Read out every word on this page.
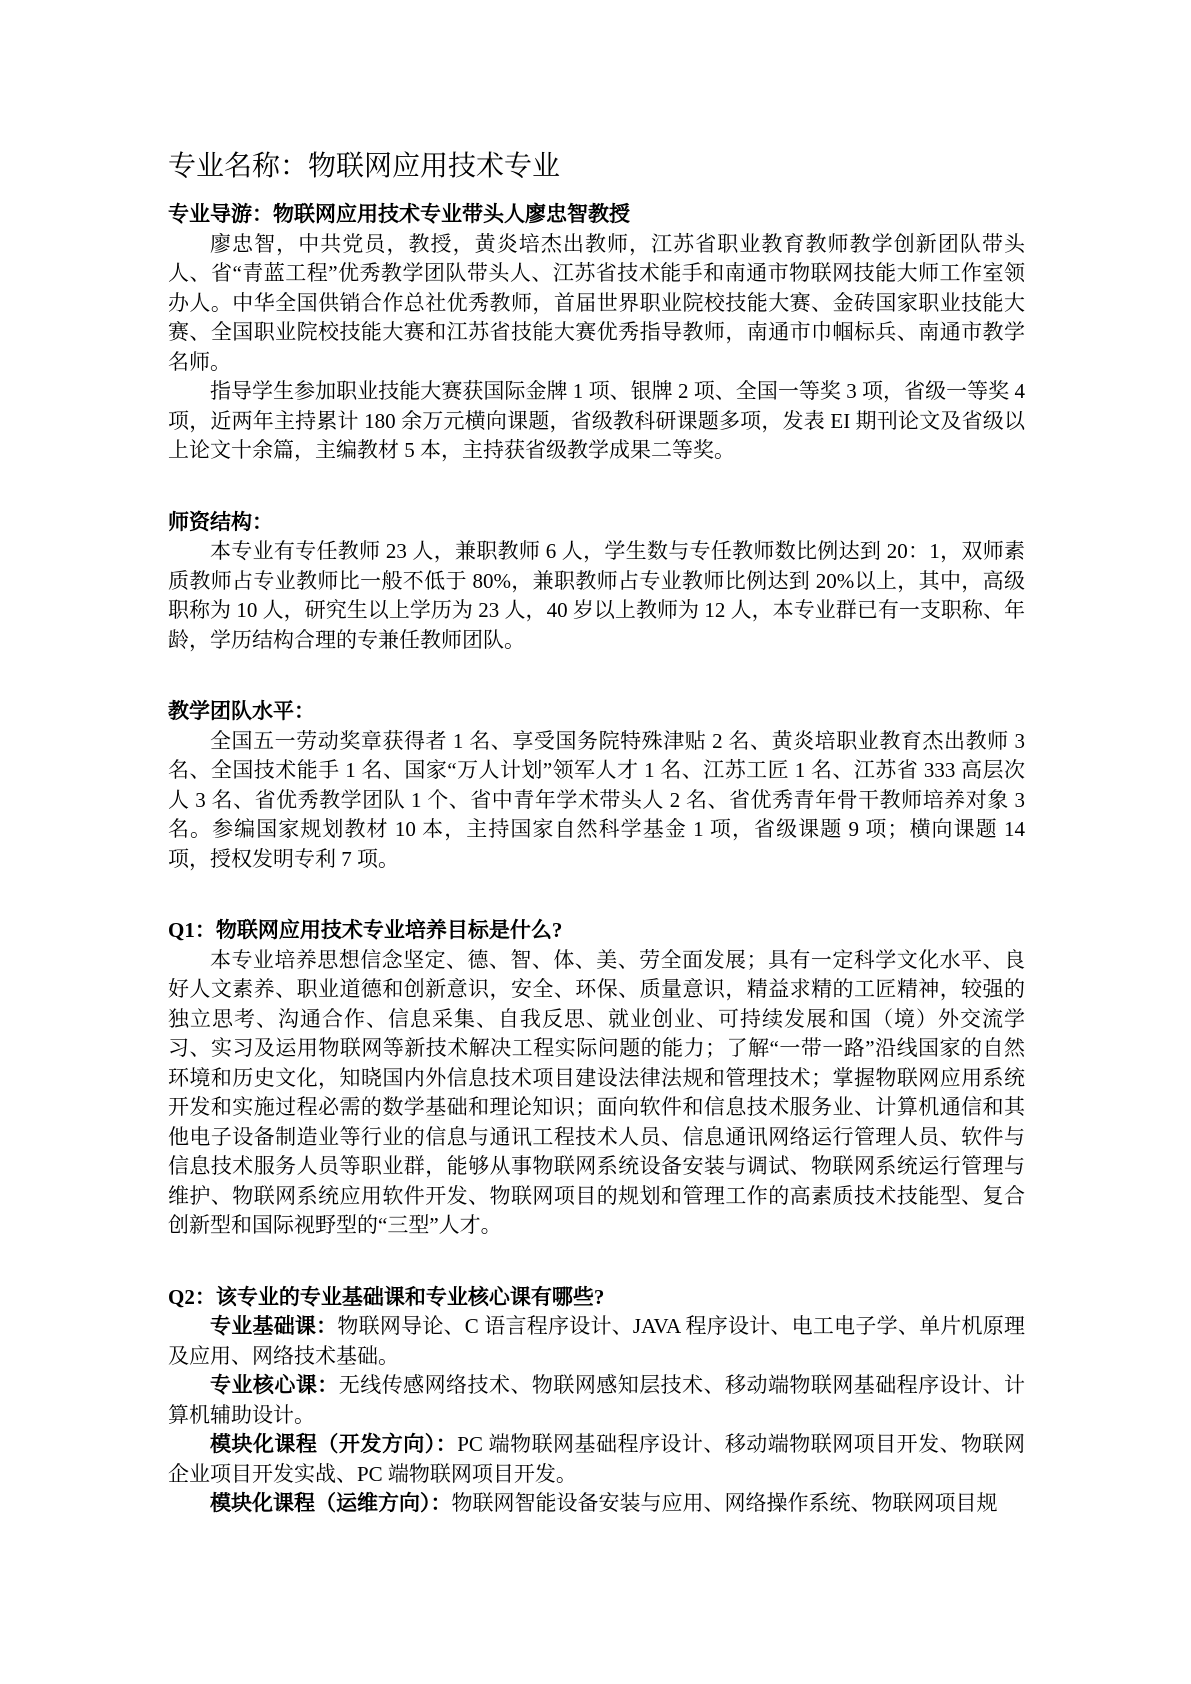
专业名称：物联网应用技术专业
专业导游：物联网应用技术专业带头人廖忠智教授

廖忠智，中共党员，教授，黄炎培杰出教师，江苏省职业教育教师教学创新团队带头人、省“青蓝工程”优秀教学团队带头人、江苏省技术能手和南通市物联网技能大师工作室领办人。中华全国供销合作总社优秀教师，首届世界职业院校技能大赛、金砖国家职业技能大赛、全国职业院校技能大赛和江苏省技能大赛优秀指导教师，南通市巾帼标兵、南通市教学名师。

指导学生参加职业技能大赛获国际金牌 1 项、银牌 2 项、全国一等奖 3 项，省级一等奖 4 项，近两年主持累计 180 余万元横向课题，省级教科研课题多项，发表 EI 期刊论文及省级以上论文十余篇，主编教材 5 本，主持获省级教学成果二等奖。

师资结构：

本专业有专任教师 23 人，兼职教师 6 人，学生数与专任教师数比例达到 20：1，双师素质教师占专业教师比一般不低于 80%，兼职教师占专业教师比例达到 20%以上，其中，高级职称为 10 人，研究生以上学历为 23 人，40 岁以上教师为 12 人，本专业群已有一支职称、年龄，学历结构合理的专兼任教师团队。

教学团队水平：

全国五一劳动奖章获得者 1 名、享受国务院特殊津贴 2 名、黄炎培职业教育杰出教师 3 名、全国技术能手 1 名、国家“万人计划”领军人才 1 名、江苏工匠 1 名、江苏省 333 高层次人 3 名、省优秀教学团队 1 个、省中青年学术带头人 2 名、省优秀青年骨干教师培养对象 3 名。参编国家规划教材 10 本，主持国家自然科学基金 1 项，省级课题 9 项；横向课题 14 项，授权发明专利 7 项。

Q1：物联网应用技术专业培养目标是什么?

本专业培养思想信念坚定、德、智、体、美、劳全面发展；具有一定科学文化水平、良好人文素养、职业道德和创新意识，安全、环保、质量意识，精益求精的工匠精神，较强的独立思考、沟通合作、信息采集、自我反思、就业创业、可持续发展和国（境）外交流学习、实习及运用物联网等新技术解决工程实际问题的能力；了解“一带一路”沿线国家的自然环境和历史文化，知晓国内外信息技术项目建设法律法规和管理技术；掌握物联网应用系统开发和实施过程必需的数学基础和理论知识；面向软件和信息技术服务业、计算机通信和其他电子设备制造业等行业的信息与通讯工程技术人员、信息通讯网络运行管理人员、软件与信息技术服务人员等职业群，能够从事物联网系统设备安装与调试、物联网系统运行管理与维护、物联网系统应用软件开发、物联网项目的规划和管理工作的高素质技术技能型、复合创新型和国际视野型的“三型”人才。

Q2：该专业的专业基础课和专业核心课有哪些?

专业基础课：物联网导论、C 语言程序设计、JAVA 程序设计、电工电子学、单片机原理及应用、网络技术基础。

专业核心课：无线传感网络技术、物联网感知层技术、移动端物联网基础程序设计、计算机辅助设计。

模块化课程（开发方向）：PC 端物联网基础程序设计、移动端物联网项目开发、物联网企业项目开发实战、PC 端物联网项目开发。

模块化课程（运维方向）：物联网智能设备安装与应用、网络操作系统、物联网项目规
